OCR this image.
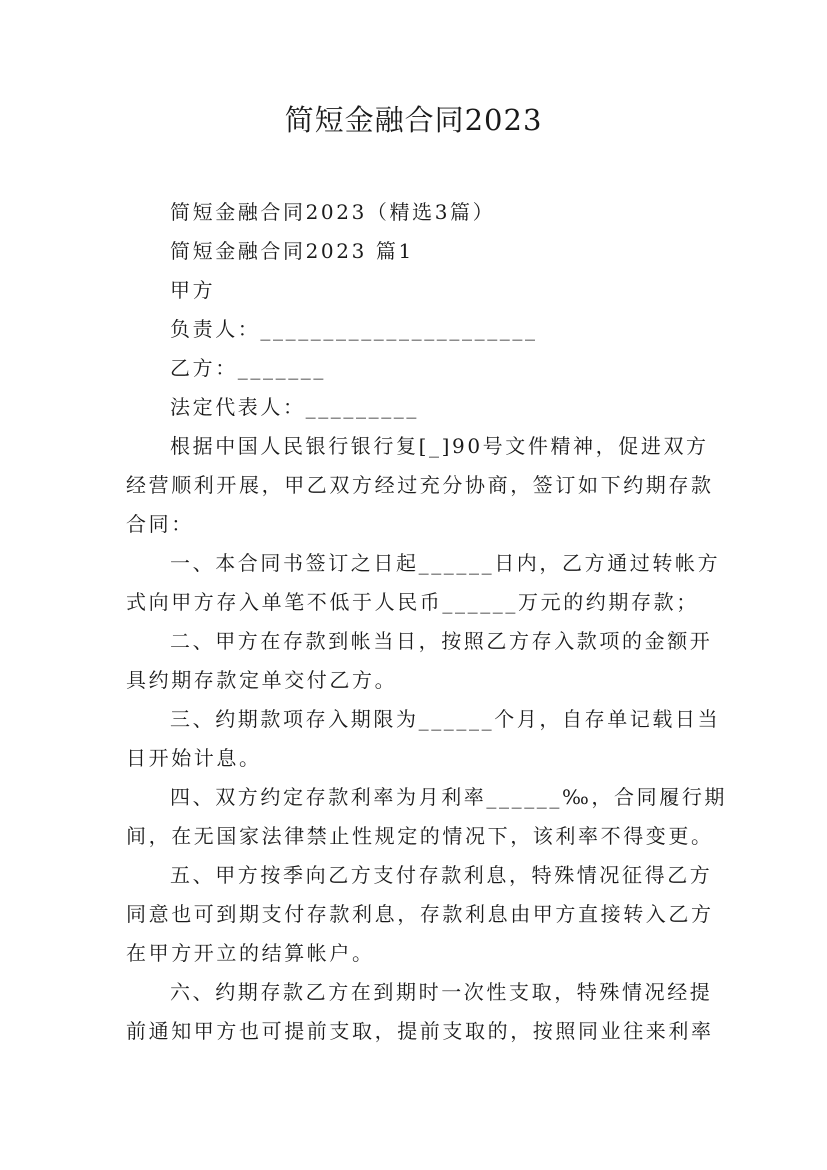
简短金融合同2023
简短金融合同2023（精选3篇）
简短金融合同2023 篇1
甲方
负责人：______________________
乙方：_______
法定代表人：_________
根据中国人民银行银行复[_]90号文件精神，促进双方
经营顺利开展，甲乙双方经过充分协商，签订如下约期存款
合同：
一、本合同书签订之日起______日内，乙方通过转帐方
式向甲方存入单笔不低于人民币______万元的约期存款；
二、甲方在存款到帐当日，按照乙方存入款项的金额开
具约期存款定单交付乙方。
三、约期款项存入期限为______个月，自存单记载日当
日开始计息。
四、双方约定存款利率为月利率______‰，合同履行期
间，在无国家法律禁止性规定的情况下，该利率不得变更。
五、甲方按季向乙方支付存款利息，特殊情况征得乙方
同意也可到期支付存款利息，存款利息由甲方直接转入乙方
在甲方开立的结算帐户。
六、约期存款乙方在到期时一次性支取，特殊情况经提
前通知甲方也可提前支取，提前支取的，按照同业往来利率
